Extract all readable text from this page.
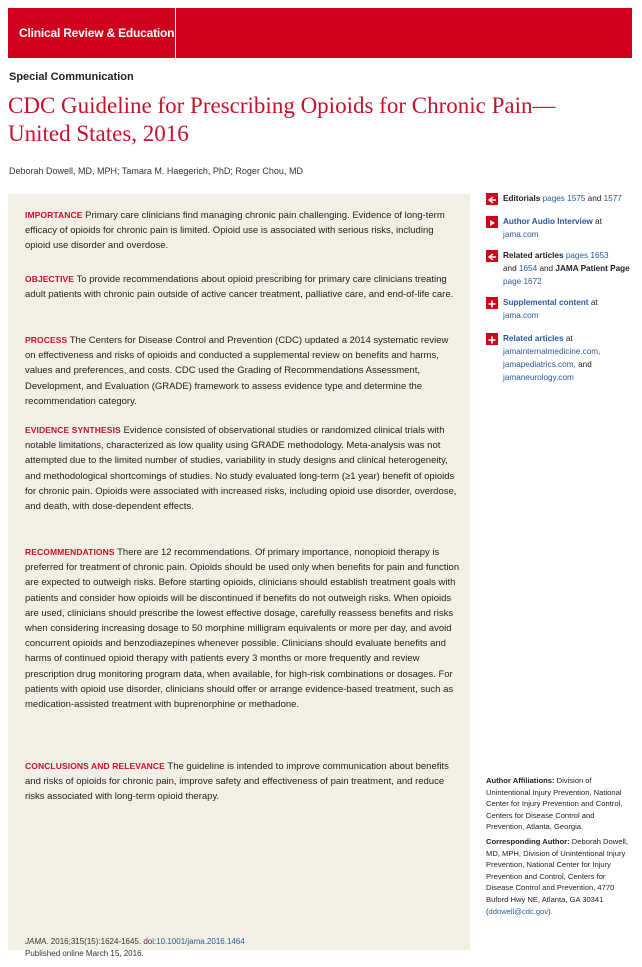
Clinical Review & Education
Special Communication
CDC Guideline for Prescribing Opioids for Chronic Pain—
United States, 2016
Deborah Dowell, MD, MPH; Tamara M. Haegerich, PhD; Roger Chou, MD
IMPORTANCE Primary care clinicians find managing chronic pain challenging. Evidence of long-term efficacy of opioids for chronic pain is limited. Opioid use is associated with serious risks, including opioid use disorder and overdose.
OBJECTIVE To provide recommendations about opioid prescribing for primary care clinicians treating adult patients with chronic pain outside of active cancer treatment, palliative care, and end-of-life care.
PROCESS The Centers for Disease Control and Prevention (CDC) updated a 2014 systematic review on effectiveness and risks of opioids and conducted a supplemental review on benefits and harms, values and preferences, and costs. CDC used the Grading of Recommendations Assessment, Development, and Evaluation (GRADE) framework to assess evidence type and determine the recommendation category.
EVIDENCE SYNTHESIS Evidence consisted of observational studies or randomized clinical trials with notable limitations, characterized as low quality using GRADE methodology. Meta-analysis was not attempted due to the limited number of studies, variability in study designs and clinical heterogeneity, and methodological shortcomings of studies. No study evaluated long-term (≥1 year) benefit of opioids for chronic pain. Opioids were associated with increased risks, including opioid use disorder, overdose, and death, with dose-dependent effects.
RECOMMENDATIONS There are 12 recommendations. Of primary importance, nonopioid therapy is preferred for treatment of chronic pain. Opioids should be used only when benefits for pain and function are expected to outweigh risks. Before starting opioids, clinicians should establish treatment goals with patients and consider how opioids will be discontinued if benefits do not outweigh risks. When opioids are used, clinicians should prescribe the lowest effective dosage, carefully reassess benefits and risks when considering increasing dosage to 50 morphine milligram equivalents or more per day, and avoid concurrent opioids and benzodiazepines whenever possible. Clinicians should evaluate benefits and harms of continued opioid therapy with patients every 3 months or more frequently and review prescription drug monitoring program data, when available, for high-risk combinations or dosages. For patients with opioid use disorder, clinicians should offer or arrange evidence-based treatment, such as medication-assisted treatment with buprenorphine or methadone.
CONCLUSIONS AND RELEVANCE The guideline is intended to improve communication about benefits and risks of opioids for chronic pain, improve safety and effectiveness of pain treatment, and reduce risks associated with long-term opioid therapy.
JAMA. 2016;315(15):1624-1645. doi:10.1001/jama.2016.1464
Published online March 15, 2016.
Editorials pages 1575 and 1577
Author Audio Interview at
jama.com
Related articles pages 1653
and 1654 and JAMA Patient Page page 1672
Supplemental content at
jama.com
Related articles at
jamainternalmedicine.com,
jamapediatrics.com, and
jamaneurology.com
Author Affiliations: Division of Unintentional Injury Prevention, National Center for Injury Prevention and Control, Centers for Disease Control and Prevention, Atlanta, Georgia.
Corresponding Author: Deborah Dowell, MD, MPH, Division of Unintentional Injury Prevention, National Center for Injury Prevention and Control, Centers for Disease Control and Prevention, 4770 Buford Hwy NE, Atlanta, GA 30341 (ddowell@cdc.gov).
